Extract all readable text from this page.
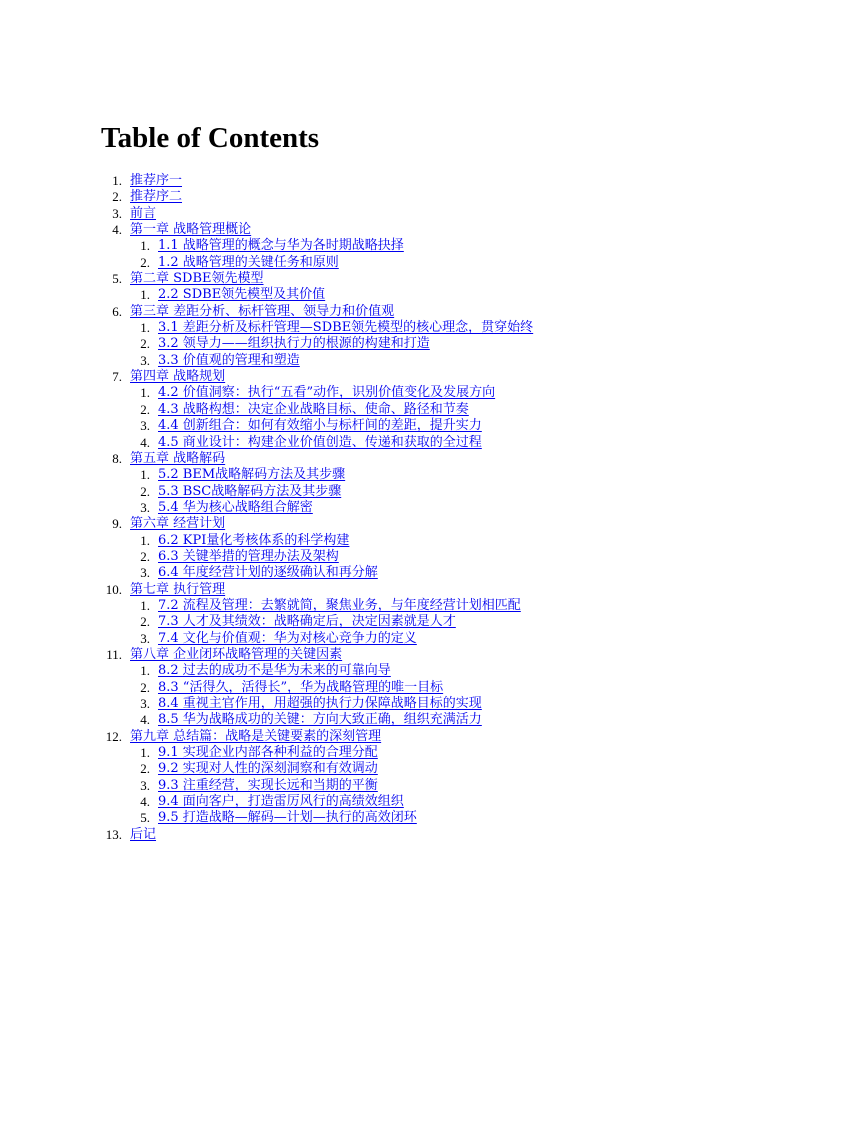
Table of Contents
1. 推荐序一
2. 推荐序二
3. 前言
4. 第一章 战略管理概论
1. 1.1 战略管理的概念与华为各时期战略抉择
2. 1.2 战略管理的关键任务和原则
5. 第二章 SDBE领先模型
1. 2.2 SDBE领先模型及其价值
6. 第三章 差距分析、标杆管理、领导力和价值观
1. 3.1 差距分析及标杆管理—SDBE领先模型的核心理念，贯穿始终
2. 3.2 领导力——组织执行力的根源的构建和打造
3. 3.3 价值观的管理和塑造
7. 第四章 战略规划
1. 4.2 价值洞察：执行“五看”动作，识别价值变化及发展方向
2. 4.3 战略构想：决定企业战略目标、使命、路径和节奏
3. 4.4 创新组合：如何有效缩小与标杆间的差距，提升实力
4. 4.5 商业设计：构建企业价值创造、传递和获取的全过程
8. 第五章 战略解码
1. 5.2 BEM战略解码方法及其步骤
2. 5.3 BSC战略解码方法及其步骤
3. 5.4 华为核心战略组合解密
9. 第六章 经营计划
1. 6.2 KPI量化考核体系的科学构建
2. 6.3 关键举措的管理办法及架构
3. 6.4 年度经营计划的逐级确认和再分解
10. 第七章 执行管理
1. 7.2 流程及管理：去繁就简，聚焦业务，与年度经营计划相匹配
2. 7.3 人才及其绩效：战略确定后，决定因素就是人才
3. 7.4 文化与价值观：华为对核心竞争力的定义
11. 第八章 企业闭环战略管理的关键因素
1. 8.2 过去的成功不是华为未来的可靠向导
2. 8.3 “活得久，活得长”，华为战略管理的唯一目标
3. 8.4 重视主官作用，用超强的执行力保障战略目标的实现
4. 8.5 华为战略成功的关键：方向大致正确，组织充满活力
12. 第九章 总结篇：战略是关键要素的深刻管理
1. 9.1 实现企业内部各种利益的合理分配
2. 9.2 实现对人性的深刻洞察和有效调动
3. 9.3 注重经营，实现长远和当期的平衡
4. 9.4 面向客户，打造雷厉风行的高绩效组织
5. 9.5 打造战略—解码—计划—执行的高效闭环
13. 后记
